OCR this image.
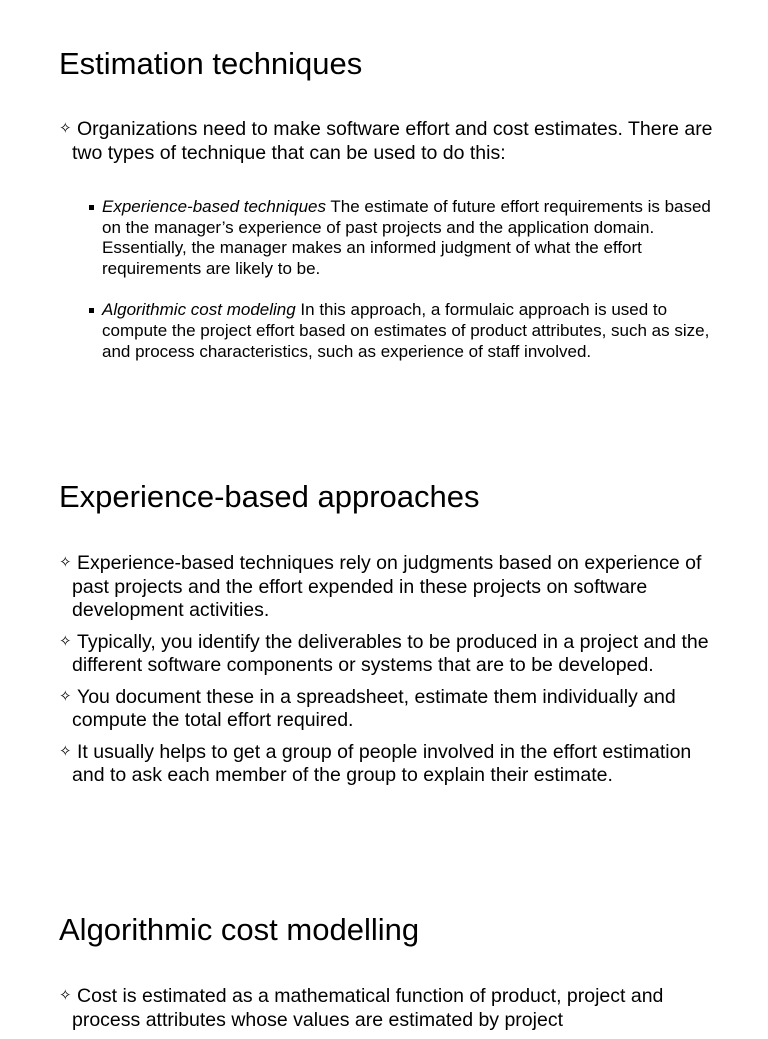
Estimation techniques
✧ Organizations need to make software effort and cost estimates. There are two types of technique that can be used to do this:
Experience-based techniques The estimate of future effort requirements is based on the manager’s experience of past projects and the application domain. Essentially, the manager makes an informed judgment of what the effort requirements are likely to be.
Algorithmic cost modeling In this approach, a formulaic approach is used to compute the project effort based on estimates of product attributes, such as size, and process characteristics, such as experience of staff involved.
Experience-based approaches
✧ Experience-based techniques rely on judgments based on experience of past projects and the effort expended in these projects on software development activities.
✧ Typically, you identify the deliverables to be produced in a project and the different software components or systems that are to be developed.
✧ You document these in a spreadsheet, estimate them individually and compute the total effort required.
✧ It usually helps to get a group of people involved in the effort estimation and to ask each member of the group to explain their estimate.
Algorithmic cost modelling
✧ Cost is estimated as a mathematical function of product, project and process attributes whose values are estimated by project
